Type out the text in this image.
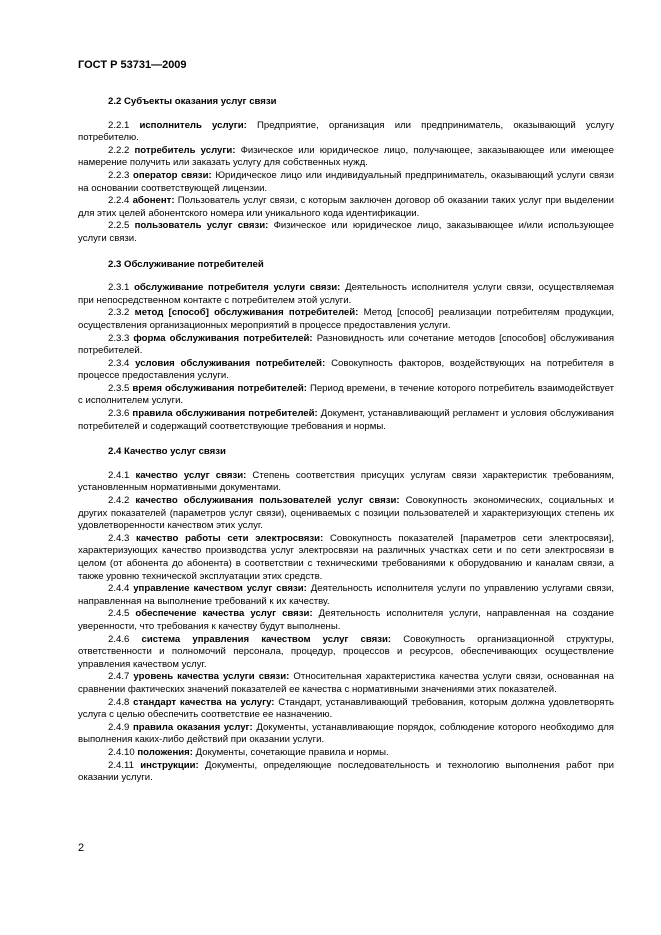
ГОСТ Р 53731—2009
2.2 Субъекты оказания услуг связи

2.2.1 исполнитель услуги: Предприятие, организация или предприниматель, оказывающий услугу потребителю.

2.2.2 потребитель услуги: Физическое или юридическое лицо, получающее, заказывающее или имеющее намерение получить или заказать услугу для собственных нужд.

2.2.3 оператор связи: Юридическое лицо или индивидуальный предприниматель, оказывающий услуги связи на основании соответствующей лицензии.

2.2.4 абонент: Пользователь услуг связи, с которым заключен договор об оказании таких услуг при выделении для этих целей абонентского номера или уникального кода идентификации.

2.2.5 пользователь услуг связи: Физическое или юридическое лицо, заказывающее и/или использующее услуги связи.

2.3 Обслуживание потребителей

2.3.1 обслуживание потребителя услуги связи: Деятельность исполнителя услуги связи, осуществляемая при непосредственном контакте с потребителем этой услуги.

2.3.2 метод [способ] обслуживания потребителей: Метод [способ] реализации потребителям продукции, осуществления организационных мероприятий в процессе предоставления услуги.

2.3.3 форма обслуживания потребителей: Разновидность или сочетание методов [способов] обслуживания потребителей.

2.3.4 условия обслуживания потребителей: Совокупность факторов, воздействующих на потребителя в процессе предоставления услуги.

2.3.5 время обслуживания потребителей: Период времени, в течение которого потребитель взаимодействует с исполнителем услуги.

2.3.6 правила обслуживания потребителей: Документ, устанавливающий регламент и условия обслуживания потребителей и содержащий соответствующие требования и нормы.

2.4 Качество услуг связи

2.4.1 качество услуг связи: Степень соответствия присущих услугам связи характеристик требованиям, установленным нормативными документами.

2.4.2 качество обслуживания пользователей услуг связи: Совокупность экономических, социальных и других показателей (параметров услуг связи), оцениваемых с позиции пользователей и характеризующих степень их удовлетворенности качеством этих услуг.

2.4.3 качество работы сети электросвязи: Совокупность показателей [параметров сети электросвязи], характеризующих качество производства услуг электросвязи на различных участках сети и по сети электросвязи в целом (от абонента до абонента) в соответствии с техническими требованиями к оборудованию и каналам связи, а также уровню технической эксплуатации этих средств.

2.4.4 управление качеством услуг связи: Деятельность исполнителя услуги по управлению услугами связи, направленная на выполнение требований к их качеству.

2.4.5 обеспечение качества услуг связи: Деятельность исполнителя услуги, направленная на создание уверенности, что требования к качеству будут выполнены.

2.4.6 система управления качеством услуг связи: Совокупность организационной структуры, ответственности и полномочий персонала, процедур, процессов и ресурсов, обеспечивающих осуществление управления качеством услуг.

2.4.7 уровень качества услуги связи: Относительная характеристика качества услуги связи, основанная на сравнении фактических значений показателей ее качества с нормативными значениями этих показателей.

2.4.8 стандарт качества на услугу: Стандарт, устанавливающий требования, которым должна удовлетворять услуга с целью обеспечить соответствие ее назначению.

2.4.9 правила оказания услуг: Документы, устанавливающие порядок, соблюдение которого необходимо для выполнения каких-либо действий при оказании услуги.

2.4.10 положения: Документы, сочетающие правила и нормы.

2.4.11 инструкции: Документы, определяющие последовательность и технологию выполнения работ при оказании услуги.

2
